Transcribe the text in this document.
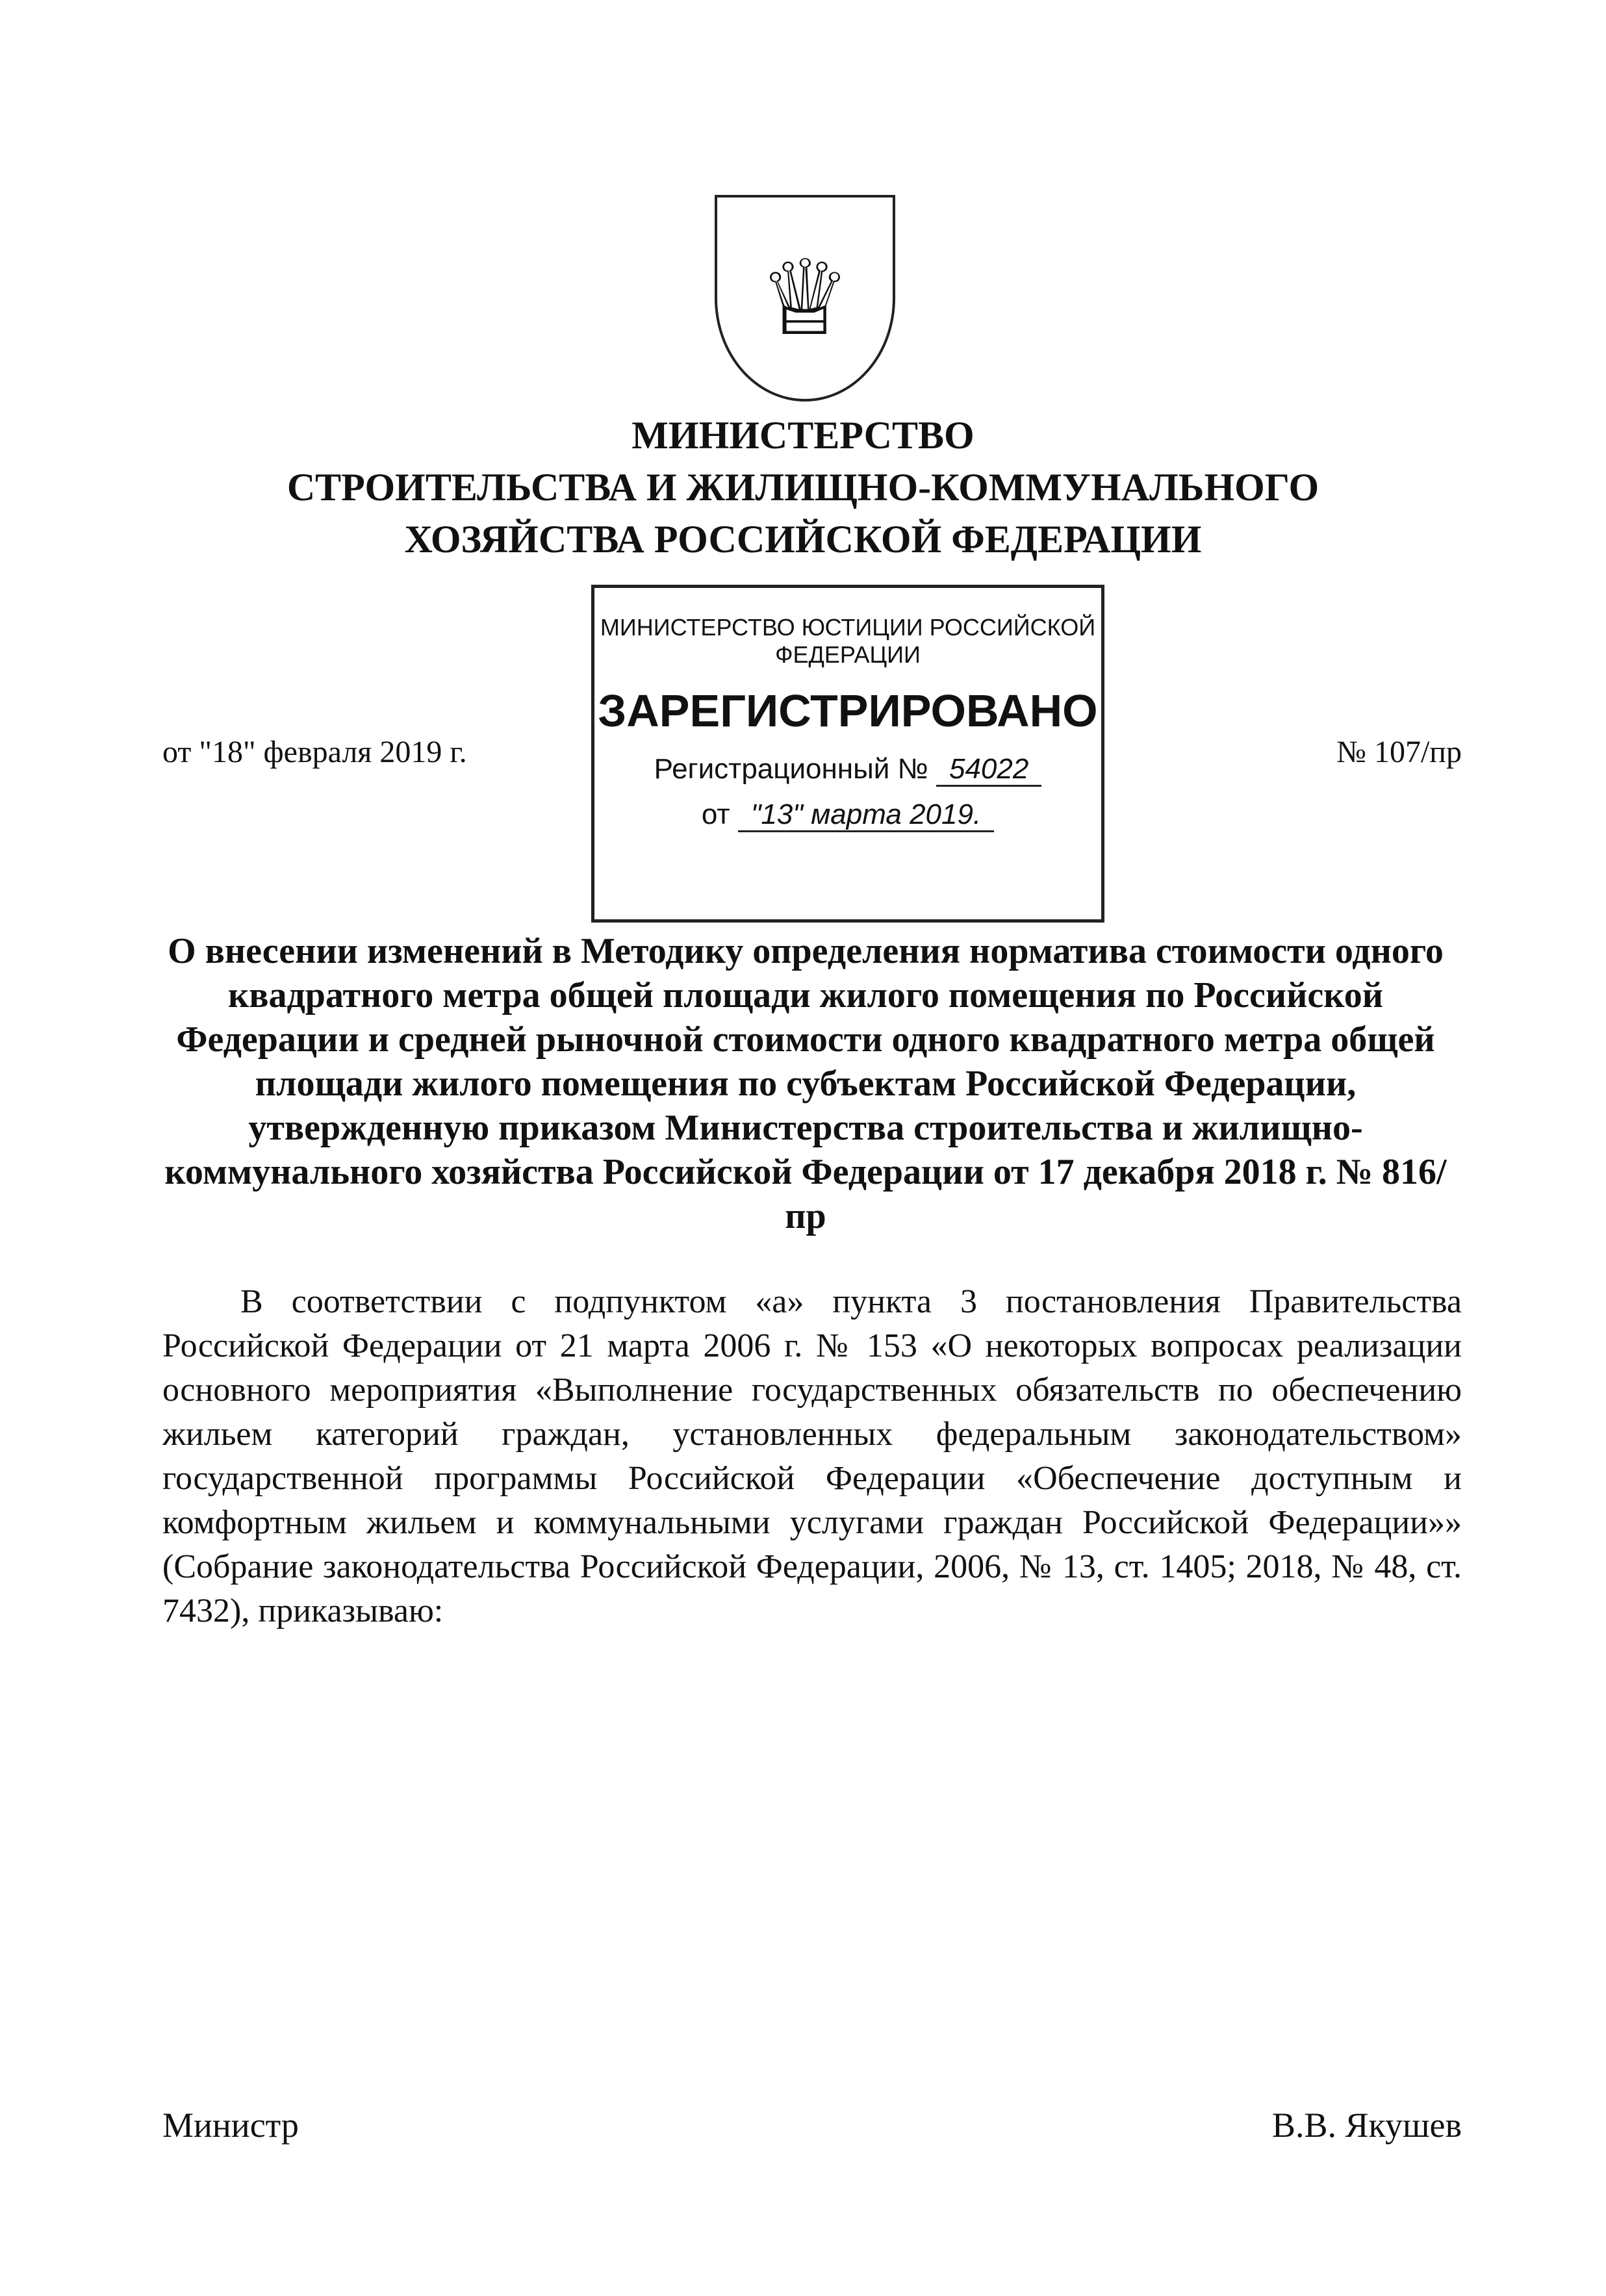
♕
МИНИСТЕРСТВО
СТРОИТЕЛЬСТВА И ЖИЛИЩНО-КОММУНАЛЬНОГО
ХОЗЯЙСТВА РОССИЙСКОЙ ФЕДЕРАЦИИ
МИНИСТЕРСТВО ЮСТИЦИИ РОССИЙСКОЙ ФЕДЕРАЦИИ
ЗАРЕГИСТРИРОВАНО
Регистрационный № 54022
от "13" марта 2019.
от "18" февраля 2019 г.	№ 107/пр
О внесении изменений в Методику определения норматива стоимости одного квадратного метра общей площади жилого помещения по Российской Федерации и средней рыночной стоимости одного квадратного метра общей площади жилого помещения по субъектам Российской Федерации, утвержденную приказом Министерства строительства и жилищно-коммунального хозяйства Российской Федерации от 17 декабря 2018 г. № 816/пр

В соответствии с подпунктом «а» пункта 3 постановления Правительства Российской Федерации от 21 марта 2006 г. № 153 «О некоторых вопросах реализации основного мероприятия «Выполнение государственных обязательств по обеспечению жильем категорий граждан, установленных федеральным законодательством» государственной программы Российской Федерации «Обеспечение доступным и комфортным жильем и коммунальными услугами граждан Российской Федерации»» (Собрание законодательства Российской Федерации, 2006, № 13, ст. 1405; 2018, № 48, ст. 7432), приказываю:

Министр	В.В. Якушев
